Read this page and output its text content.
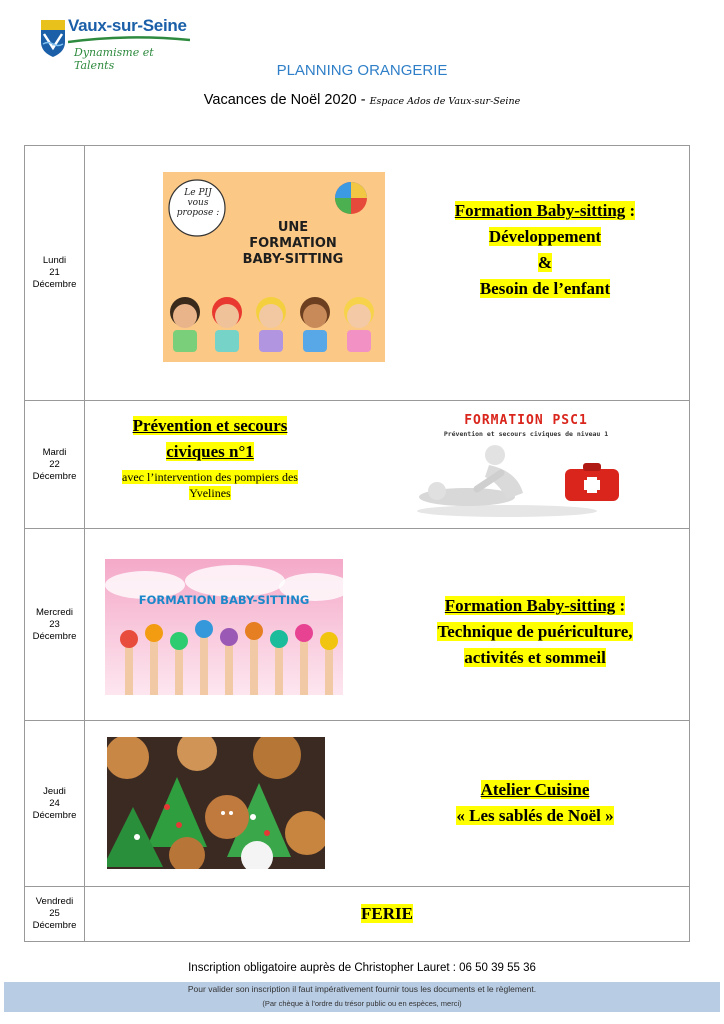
Vaux-sur-Seine
Dynamisme et Talents	PLANNING ORANGERIE
Vacances de Noël 2020 - Espace Ados de Vaux-sur-Seine
Lundi
21
Décembre
Le PIJ
vous
propose :
UNE
FORMATION
BABY-SITTING
Formation Baby-sitting :
Développement
&
Besoin de l’enfant
Mardi
22
Décembre
Prévention et secours
civiques n°1
avec l’intervention des pompiers des
Yvelines
FORMATION PSC1
Prévention et secours civiques de niveau 1
Mercredi
23
Décembre
FORMATION BABY-SITTING	Formation Baby-sitting :
Technique de puériculture,
activités et sommeil
Jeudi
24
Décembre
Atelier Cuisine
« Les sablés de Noël »
Vendredi
25
Décembre
FERIE
Inscription obligatoire auprès de Christopher Lauret : 06 50 39 55 36
Pour valider son inscription il faut impérativement fournir tous les documents et le règlement.
(Par chèque à l’ordre du trésor public ou en espèces, merci)
